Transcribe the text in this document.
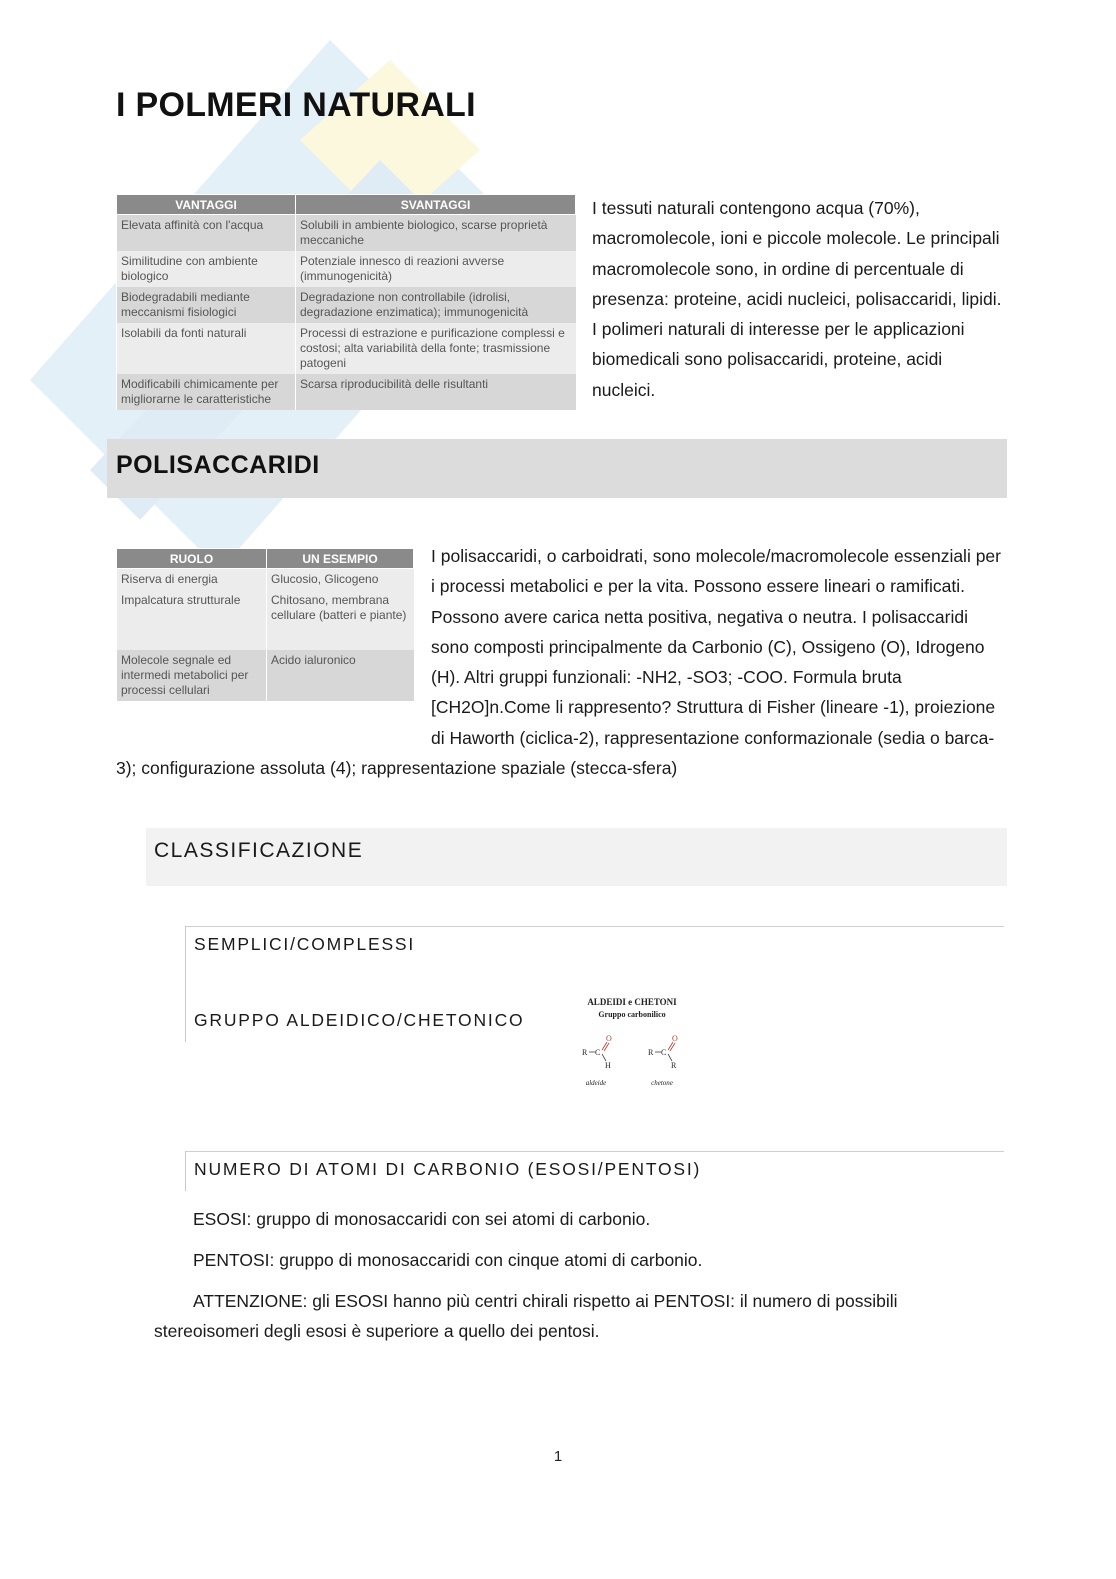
I POLMERI NATURALI
VANTAGGI	SVANTAGGI
Elevata affinità con l'acqua	Solubili in ambiente biologico, scarse proprietà meccaniche
Similitudine con ambiente biologico	Potenziale innesco di reazioni avverse (immunogenicità)
Biodegradabili mediante meccanismi fisiologici	Degradazione non controllabile (idrolisi, degradazione enzimatica); immunogenicità
Isolabili da fonti naturali	Processi di estrazione e purificazione complessi e costosi; alta variabilità della fonte; trasmissione patogeni
Modificabili chimicamente per migliorarne le caratteristiche	Scarsa riproducibilità delle risultanti

I tessuti naturali contengono acqua (70%), macromolecole, ioni e piccole molecole. Le principali macromolecole sono, in ordine di percentuale di presenza: proteine, acidi nucleici, polisaccaridi, lipidi. I polimeri naturali di interesse per le applicazioni biomedicali sono polisaccaridi, proteine, acidi nucleici.

POLISACCARIDI
RUOLO	UN ESEMPIO
Riserva di energia	Glucosio, Glicogeno
Impalcatura strutturale	Chitosano, membrana cellulare (batteri e piante)
Molecole segnale ed intermedi metabolici per processi cellulari	Acido ialuronico

I polisaccaridi, o carboidrati, sono molecole/macromolecole essenziali per i processi metabolici e per la vita. Possono essere lineari o ramificati. Possono avere carica netta positiva, negativa o neutra. I polisaccaridi sono composti principalmente da Carbonio (C), Ossigeno (O), Idrogeno (H). Altri gruppi funzionali: -NH2, -SO3; -COO. Formula bruta [CH2O]n.Come li rappresento? Struttura di Fisher (lineare -1), proiezione di Haworth (ciclica-2), rappresentazione conformazionale (sedia o barca-3); configurazione assoluta (4); rappresentazione spaziale (stecca-sfera)

CLASSIFICAZIONE
SEMPLICI/COMPLESSI
GRUPPO ALDEIDICO/CHETONICO
ALDEIDI e CHETONI
Gruppo carbonilico
R C
O
H
aldeide
R C
O
R
chetone
NUMERO DI ATOMI DI CARBONIO (ESOSI/PENTOSI)

ESOSI: gruppo di monosaccaridi con sei atomi di carbonio.

PENTOSI: gruppo di monosaccaridi con cinque atomi di carbonio.

ATTENZIONE: gli ESOSI hanno più centri chirali rispetto ai PENTOSI: il numero di possibili stereoisomeri degli esosi è superiore a quello dei pentosi.

1
